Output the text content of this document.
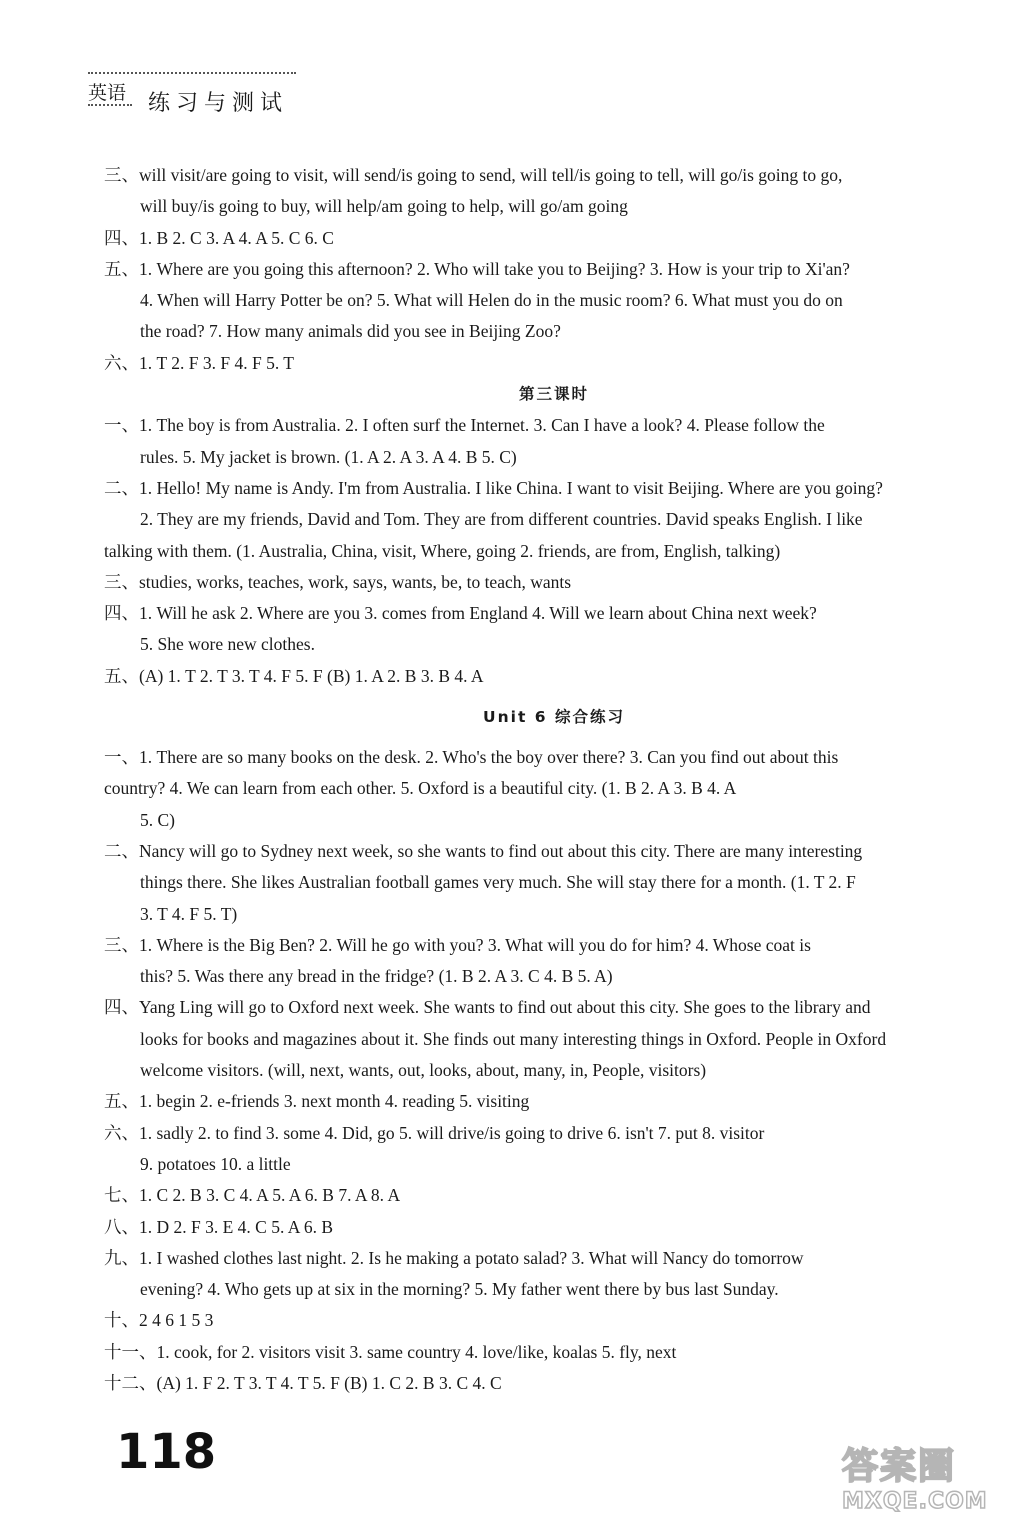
英语 练习与测试
三、will visit/are going to visit, will send/is going to send, will tell/is going to tell, will go/is going to go,
will buy/is going to buy, will help/am going to help, will go/am going
四、1. B 2. C 3. A 4. A 5. C 6. C
五、1. Where are you going this afternoon? 2. Who will take you to Beijing? 3. How is your trip to Xi'an?
4. When will Harry Potter be on? 5. What will Helen do in the music room? 6. What must you do on
the road? 7. How many animals did you see in Beijing Zoo?
六、1. T 2. F 3. F 4. F 5. T
第三课时
一、1. The boy is from Australia. 2. I often surf the Internet. 3. Can I have a look? 4. Please follow the
rules. 5. My jacket is brown. (1. A 2. A 3. A 4. B 5. C)
二、1. Hello! My name is Andy. I'm from Australia. I like China. I want to visit Beijing. Where are you going?
2. They are my friends, David and Tom. They are from different countries. David speaks English. I like
talking with them. (1. Australia, China, visit, Where, going 2. friends, are from, English, talking)
三、studies, works, teaches, work, says, wants, be, to teach, wants
四、1. Will he ask 2. Where are you 3. comes from England 4. Will we learn about China next week?
5. She wore new clothes.
五、(A) 1. T 2. T 3. T 4. F 5. F (B) 1. A 2. B 3. B 4. A
Unit 6 综合练习
一、1. There are so many books on the desk. 2. Who's the boy over there? 3. Can you find out about this
country? 4. We can learn from each other. 5. Oxford is a beautiful city. (1. B 2. A 3. B 4. A
5. C)
二、Nancy will go to Sydney next week, so she wants to find out about this city. There are many interesting
things there. She likes Australian football games very much. She will stay there for a month. (1. T 2. F
3. T 4. F 5. T)
三、1. Where is the Big Ben? 2. Will he go with you? 3. What will you do for him? 4. Whose coat is
this? 5. Was there any bread in the fridge? (1. B 2. A 3. C 4. B 5. A)
四、Yang Ling will go to Oxford next week. She wants to find out about this city. She goes to the library and
looks for books and magazines about it. She finds out many interesting things in Oxford. People in Oxford
welcome visitors. (will, next, wants, out, looks, about, many, in, People, visitors)
五、1. begin 2. e-friends 3. next month 4. reading 5. visiting
六、1. sadly 2. to find 3. some 4. Did, go 5. will drive/is going to drive 6. isn't 7. put 8. visitor
9. potatoes 10. a little
七、1. C 2. B 3. C 4. A 5. A 6. B 7. A 8. A
八、1. D 2. F 3. E 4. C 5. A 6. B
九、1. I washed clothes last night. 2. Is he making a potato salad? 3. What will Nancy do tomorrow
evening? 4. Who gets up at six in the morning? 5. My father went there by bus last Sunday.
十、2 4 6 1 5 3
十一、1. cook, for 2. visitors visit 3. same country 4. love/like, koalas 5. fly, next
十二、(A) 1. F 2. T 3. T 4. T 5. F (B) 1. C 2. B 3. C 4. C
118	答案圈
MXQE.COM
